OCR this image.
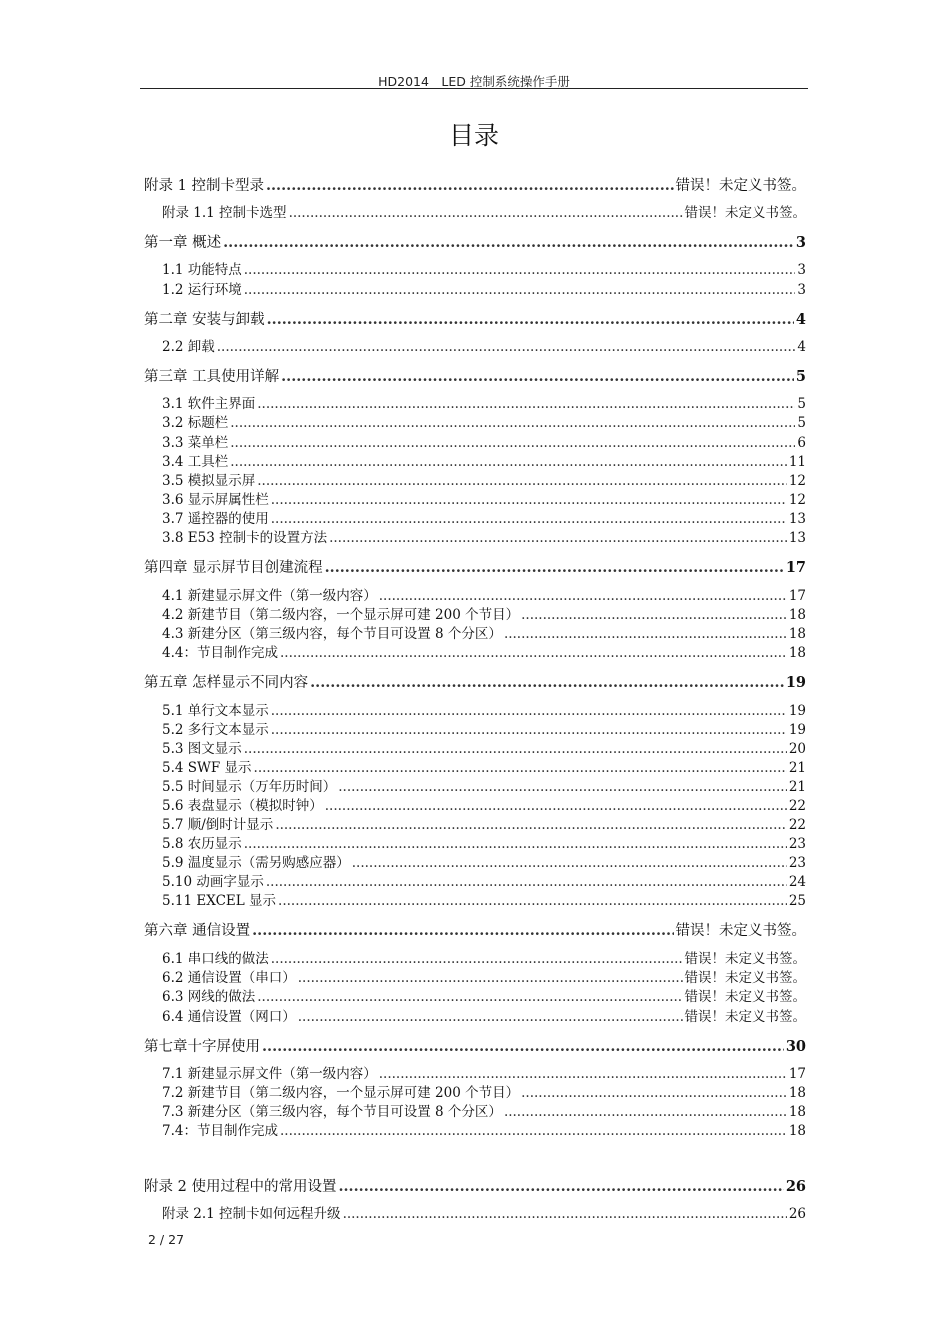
HD2014　LED 控制系统操作手册
目录
附录 1 控制卡型录 .....	错误！未定义书签。
附录 1.1 控制卡选型 .....	错误！未定义书签。
第一章 概述 .....	3
1.1 功能特点 .....	3
1.2 运行环境 .....	3
第二章 安装与卸载 .....	4
2.2 卸载 .....	4
第三章 工具使用详解 .....	5
3.1 软件主界面 .....	5
3.2 标题栏 .....	5
3.3 菜单栏 .....	6
3.4 工具栏 .....	11
3.5 模拟显示屏 .....	12
3.6 显示屏属性栏 .....	12
3.7 遥控器的使用 .....	13
3.8 E53 控制卡的设置方法 .....	13
第四章 显示屏节目创建流程 .....	17
4.1 新建显示屏文件（第一级内容） .....	17
4.2 新建节目（第二级内容，一个显示屏可建 200 个节目） .....	18
4.3 新建分区（第三级内容，每个节目可设置 8 个分区） .....	18
4.4：节目制作完成 .....	18
第五章 怎样显示不同内容 .....	19
5.1 单行文本显示 .....	19
5.2 多行文本显示 .....	19
5.3 图文显示 .....	20
5.4 SWF 显示 .....	21
5.5 时间显示（万年历时间） .....	21
5.6 表盘显示（模拟时钟） .....	22
5.7 顺/倒时计显示 .....	22
5.8 农历显示 .....	23
5.9 温度显示（需另购感应器） .....	23
5.10 动画字显示 .....	24
5.11 EXCEL 显示 .....	25
第六章 通信设置 .....	错误！未定义书签。
6.1 串口线的做法 .....	错误！未定义书签。
6.2 通信设置（串口） .....	错误！未定义书签。
6.3 网线的做法 .....	错误！未定义书签。
6.4 通信设置（网口） .....	错误！未定义书签。
第七章十字屏使用 .....	30
7.1 新建显示屏文件（第一级内容） .....	17
7.2 新建节目（第二级内容，一个显示屏可建 200 个节目） .....	18
7.3 新建分区（第三级内容，每个节目可设置 8 个分区） .....	18
7.4：节目制作完成 .....	18
附录 2 使用过程中的常用设置 .....	26
附录 2.1 控制卡如何远程升级 .....	26
2 / 27
